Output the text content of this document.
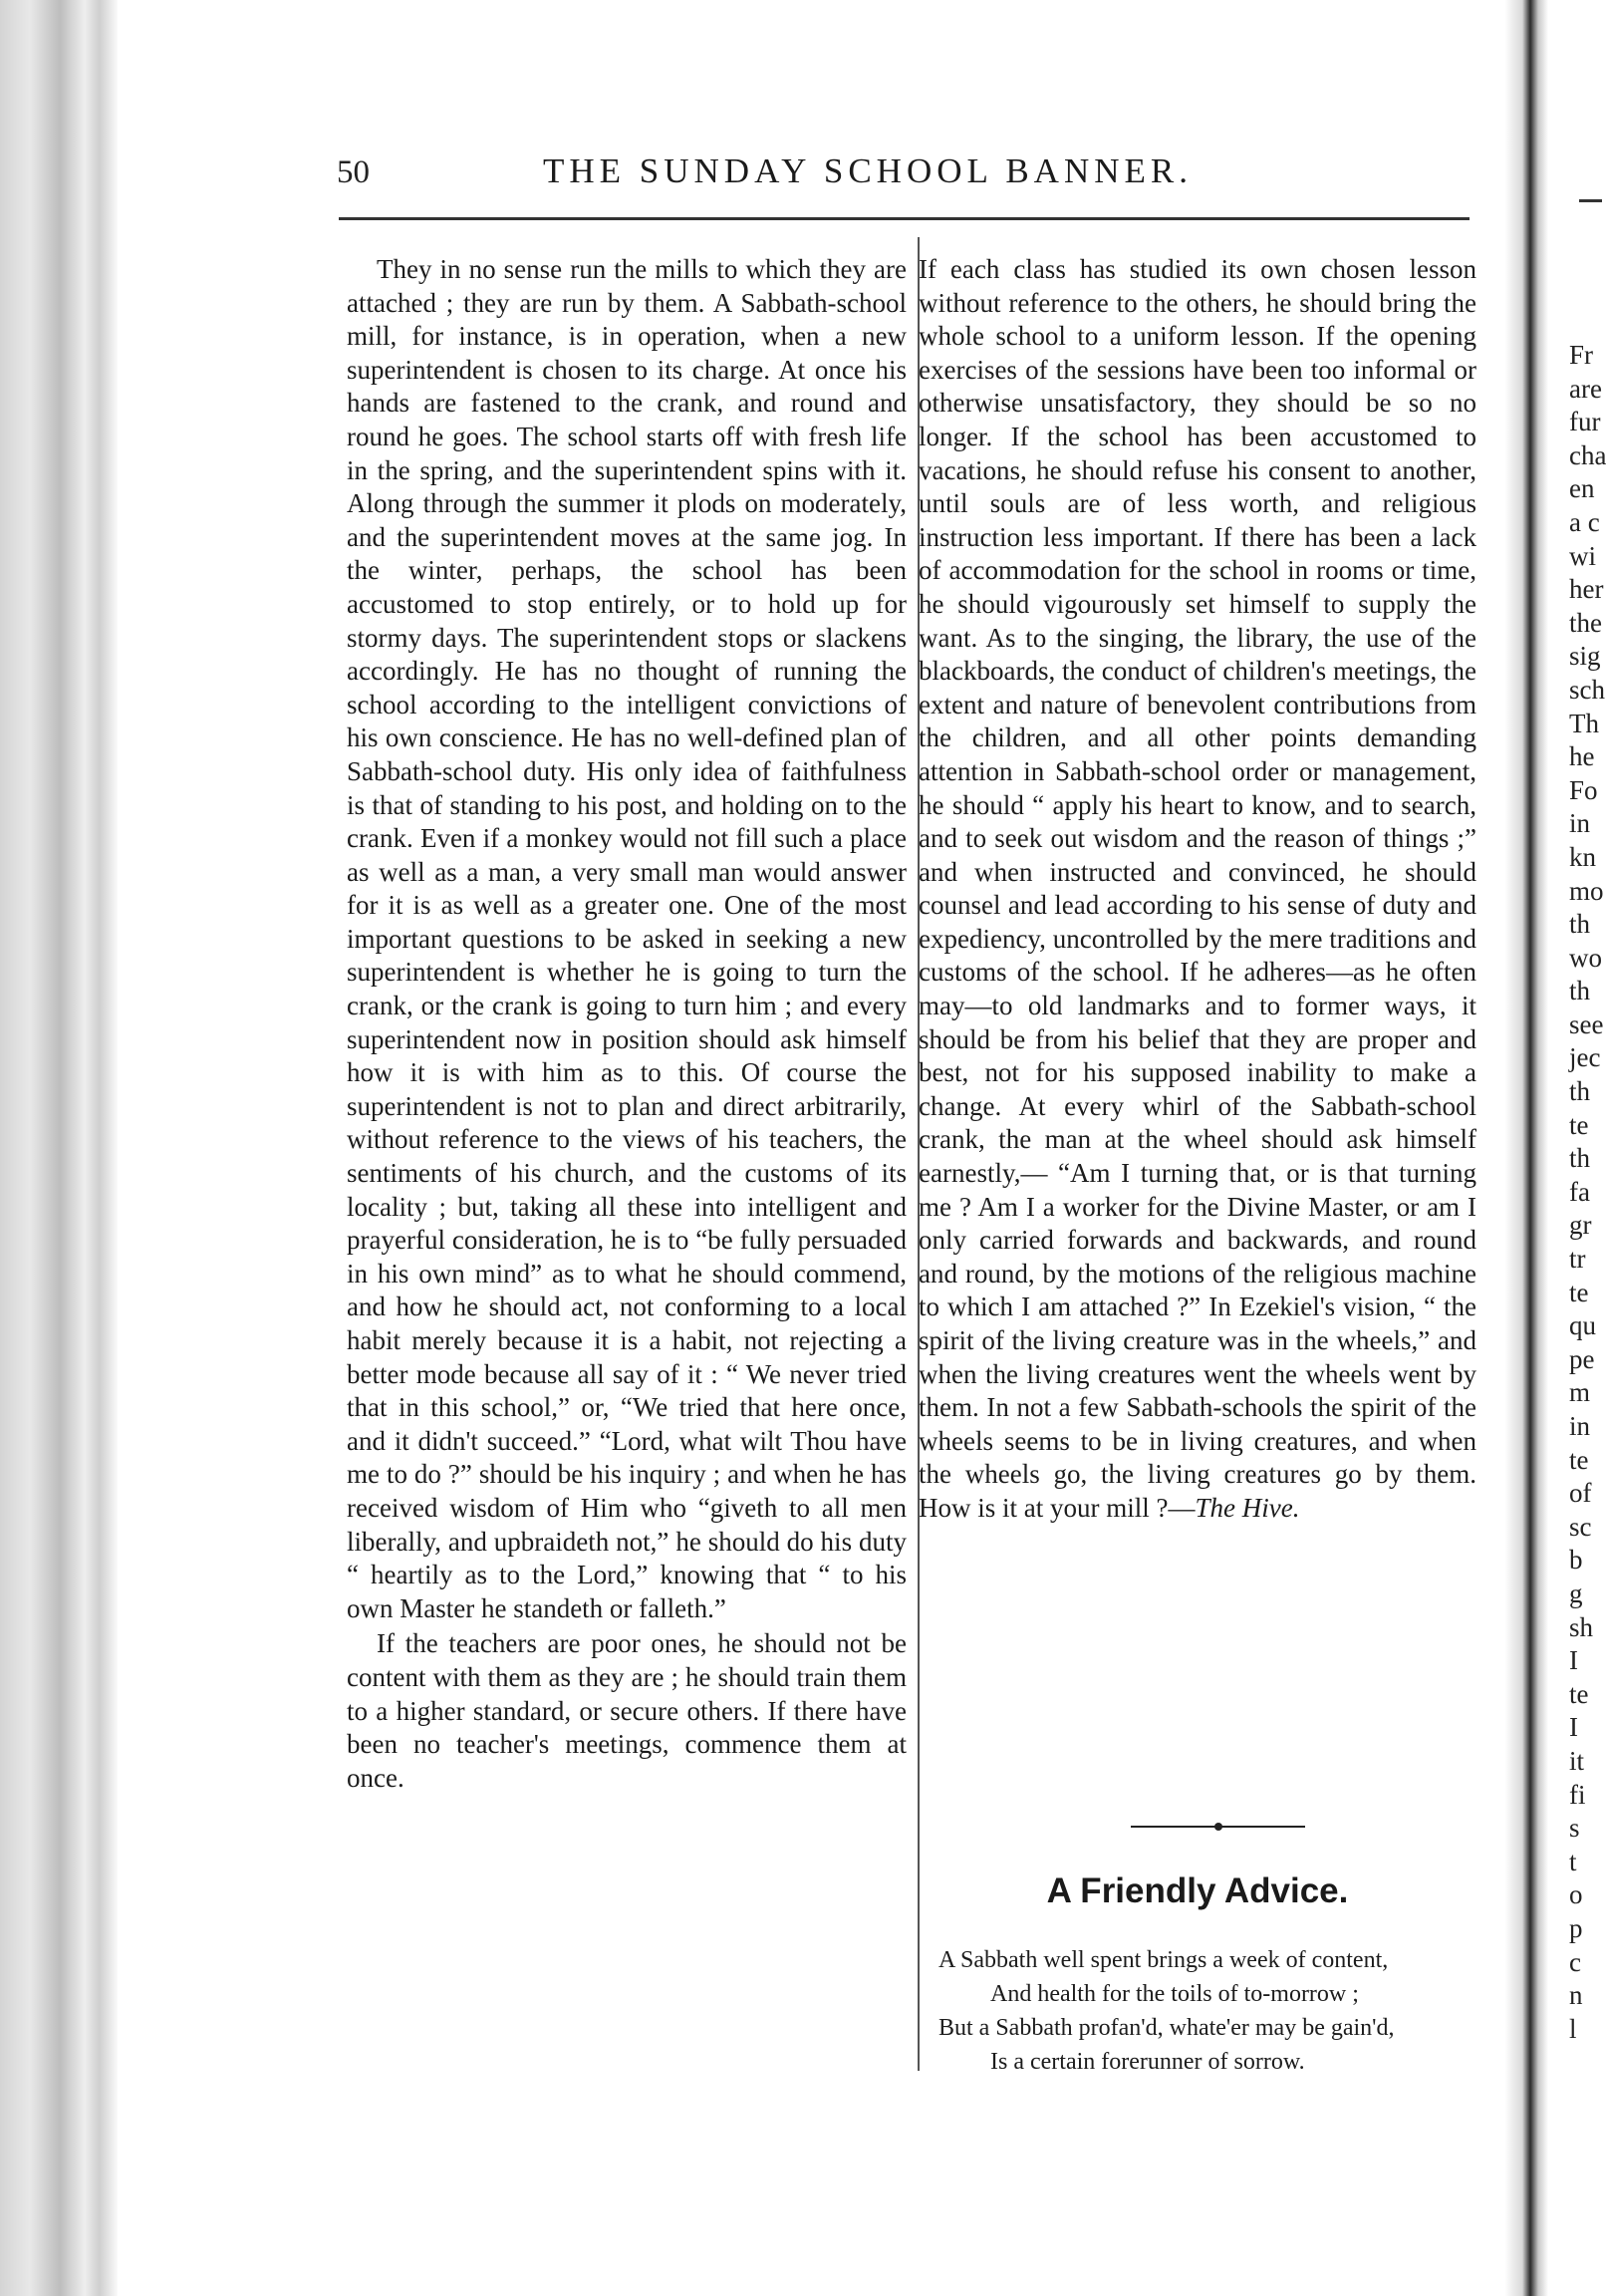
Fr
are
fur
cha
en
a c
wi
her
the
sig
sch
Th
he
Fo
in
kn
mo
th
wo
th
see
jec
th
te
th
fa
gr
tr
te
qu
pe
m
in
te
of
sc
b
g
sh
I
te
I
it
fi
s
t
o
p
c
n
l
50	THE SUNDAY SCHOOL BANNER.

They in no sense run the mills to which they are attached ; they are run by them. A Sabbath-school mill, for instance, is in operation, when a new superintendent is chosen to its charge. At once his hands are fastened to the crank, and round and round he goes. The school starts off with fresh life in the spring, and the superintendent spins with it. Along through the summer it plods on moderately, and the superintendent moves at the same jog. In the winter, perhaps, the school has been accustomed to stop entirely, or to hold up for stormy days. The superintendent stops or slackens accordingly. He has no thought of running the school according to the intelligent convictions of his own conscience. He has no well-defined plan of Sabbath-school duty. His only idea of faithfulness is that of standing to his post, and holding on to the crank. Even if a monkey would not fill such a place as well as a man, a very small man would answer for it is as well as a greater one. One of the most important questions to be asked in seeking a new superintendent is whether he is going to turn the crank, or the crank is going to turn him ; and every superintendent now in position should ask himself how it is with him as to this. Of course the superintendent is not to plan and direct arbitrarily, without reference to the views of his teachers, the sentiments of his church, and the customs of its locality ; but, taking all these into intelligent and prayerful consideration, he is to “be fully persuaded in his own mind” as to what he should commend, and how he should act, not conforming to a local habit merely because it is a habit, not rejecting a better mode because all say of it : “ We never tried that in this school,” or, “We tried that here once, and it didn't succeed.” “Lord, what wilt Thou have me to do ?” should be his inquiry ; and when he has received wisdom of Him who “giveth to all men liberally, and upbraideth not,” he should do his duty “ heartily as to the Lord,” knowing that “ to his own Master he standeth or falleth.”

If the teachers are poor ones, he should not be content with them as they are ; he should train them to a higher standard, or secure others. If there have been no teacher's meetings, commence them at once.

If each class has studied its own chosen lesson without reference to the others, he should bring the whole school to a uniform lesson. If the opening exercises of the sessions have been too informal or otherwise unsatisfactory, they should be so no longer. If the school has been accustomed to vacations, he should refuse his consent to another, until souls are of less worth, and religious instruction less important. If there has been a lack of accommodation for the school in rooms or time, he should vigourously set himself to supply the want. As to the singing, the library, the use of the blackboards, the conduct of children's meetings, the extent and nature of benevolent contributions from the children, and all other points demanding attention in Sabbath-school order or management, he should “ apply his heart to know, and to search, and to seek out wisdom and the reason of things ;” and when instructed and convinced, he should counsel and lead according to his sense of duty and expediency, uncontrolled by the mere traditions and customs of the school. If he adheres—as he often may—to old landmarks and to former ways, it should be from his belief that they are proper and best, not for his supposed inability to make a change. At every whirl of the Sabbath-school crank, the man at the wheel should ask himself earnestly,— “Am I turning that, or is that turning me ? Am I a worker for the Divine Master, or am I only carried forwards and backwards, and round and round, by the motions of the religious machine to which I am attached ?” In Ezekiel's vision, “ the spirit of the living creature was in the wheels,” and when the living creatures went the wheels went by them. In not a few Sabbath-schools the spirit of the wheels seems to be in living creatures, and when the wheels go, the living creatures go by them. How is it at your mill ?—The Hive.

A Friendly Advice.
A Sabbath well spent brings a week of content,
And health for the toils of to-morrow ;
But a Sabbath profan'd, whate'er may be gain'd,
Is a certain forerunner of sorrow.
